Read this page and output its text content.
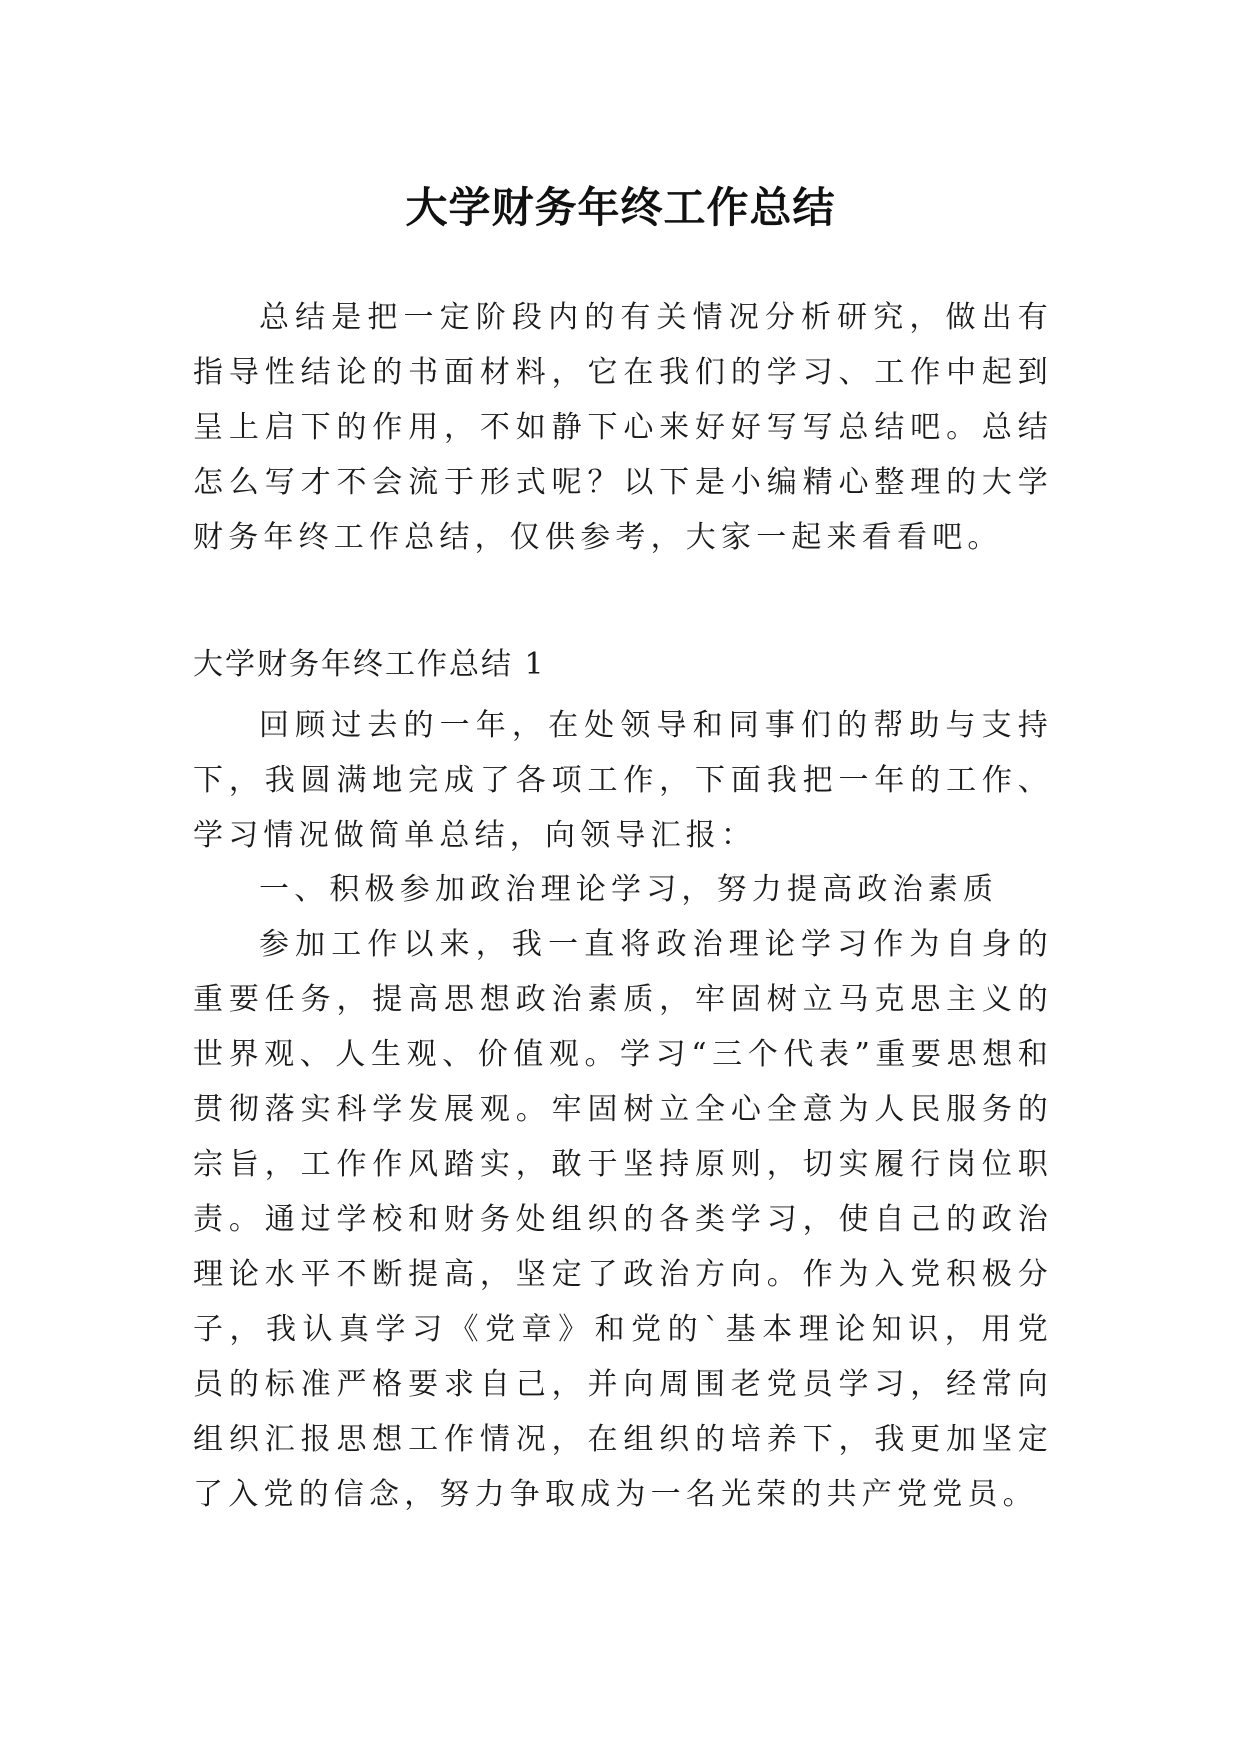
大学财务年终工作总结

总结是把一定阶段内的有关情况分析研究，做出有指导性结论的书面材料，它在我们的学习、工作中起到呈上启下的作用，不如静下心来好好写写总结吧。总结怎么写才不会流于形式呢？以下是小编精心整理的大学财务年终工作总结，仅供参考，大家一起来看看吧。

大学财务年终工作总结 1

回顾过去的一年，在处领导和同事们的帮助与支持下，我圆满地完成了各项工作，下面我把一年的工作、学习情况做简单总结，向领导汇报：

一、积极参加政治理论学习，努力提高政治素质

参加工作以来，我一直将政治理论学习作为自身的重要任务，提高思想政治素质，牢固树立马克思主义的世界观、人生观、价值观。学习“三个代表”重要思想和贯彻落实科学发展观。牢固树立全心全意为人民服务的宗旨，工作作风踏实，敢于坚持原则，切实履行岗位职责。通过学校和财务处组织的各类学习，使自己的政治理论水平不断提高，坚定了政治方向。作为入党积极分子，我认真学习《党章》和党的`基本理论知识，用党员的标准严格要求自己，并向周围老党员学习，经常向组织汇报思想工作情况，在组织的培养下，我更加坚定了入党的信念，努力争取成为一名光荣的共产党党员。
